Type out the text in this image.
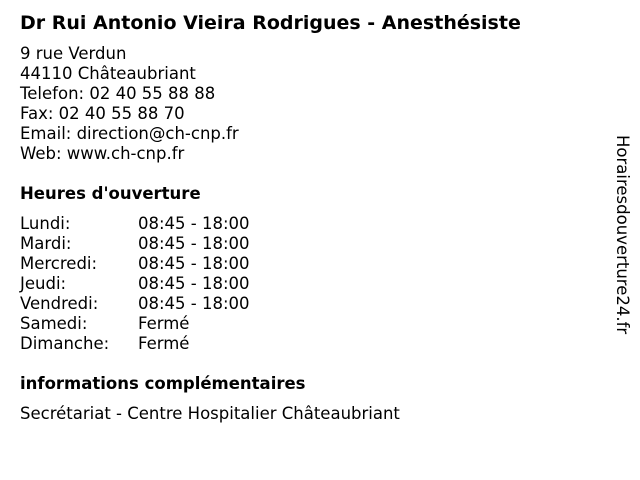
Dr Rui Antonio Vieira Rodrigues - Anesthésiste
9 rue Verdun
44110 Châteaubriant
Telefon: 02 40 55 88 88
Fax: 02 40 55 88 70
Email: direction@ch-cnp.fr
Web: www.ch-cnp.fr
Heures d'ouverture
Lundi:	08:45 - 18:00
Mardi:	08:45 - 18:00
Mercredi: 08:45 - 18:00
Jeudi:	08:45 - 18:00
Vendredi: 08:45 - 18:00
Samedi:	Fermé
Dimanche: Fermé
informations complémentaires
Secrétariat - Centre Hospitalier Châteaubriant
Horairesdouverture24.fr
